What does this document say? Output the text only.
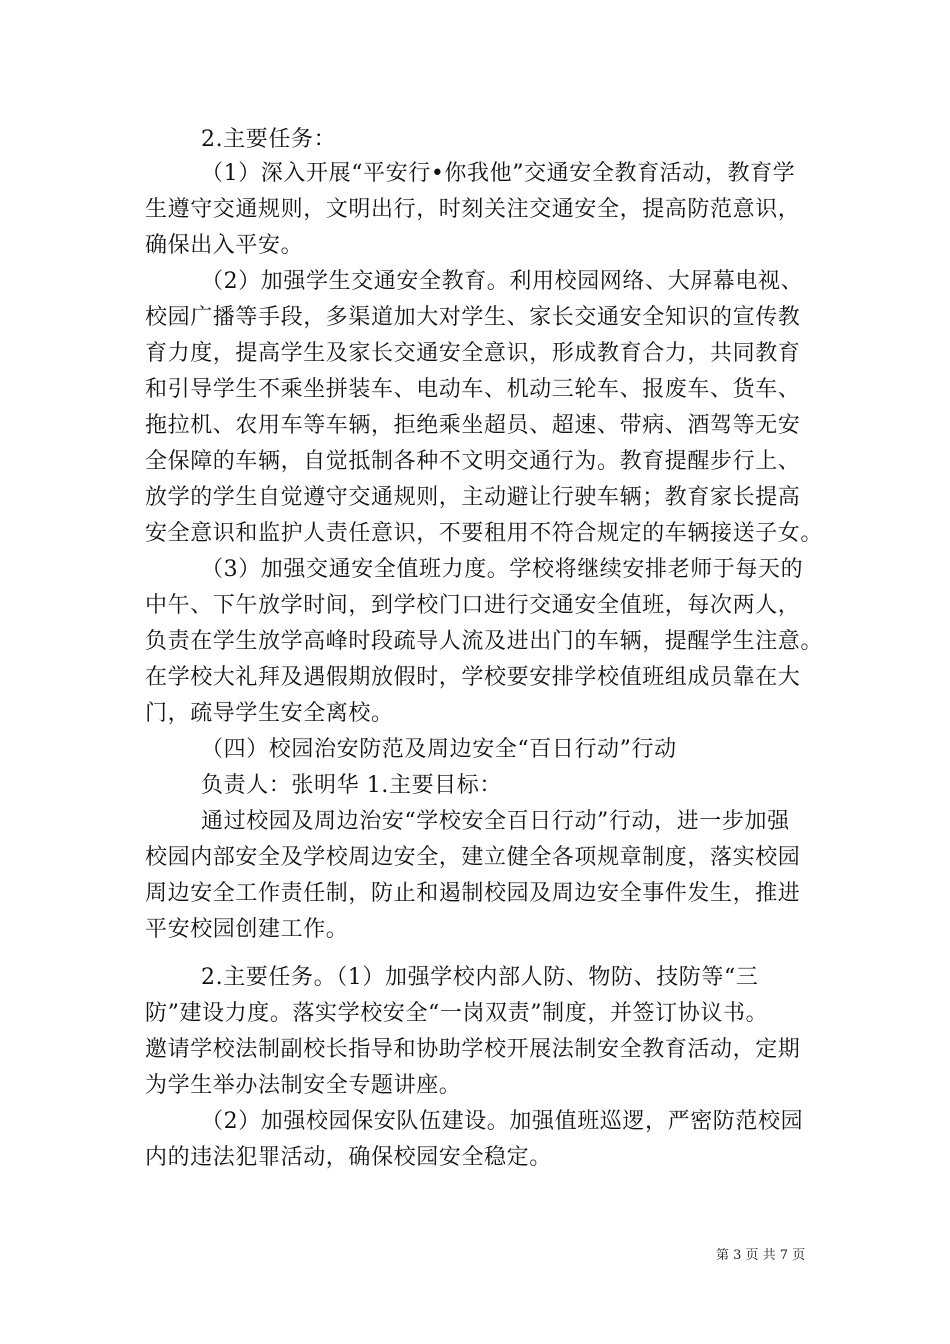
2.主要任务：
（1）深入开展“平安行•你我他”交通安全教育活动，教育学
生遵守交通规则，文明出行，时刻关注交通安全，提高防范意识，
确保出入平安。
（2）加强学生交通安全教育。利用校园网络、大屏幕电视、
校园广播等手段，多渠道加大对学生、家长交通安全知识的宣传教
育力度，提高学生及家长交通安全意识，形成教育合力，共同教育
和引导学生不乘坐拼装车、电动车、机动三轮车、报废车、货车、
拖拉机、农用车等车辆，拒绝乘坐超员、超速、带病、酒驾等无安
全保障的车辆，自觉抵制各种不文明交通行为。教育提醒步行上、
放学的学生自觉遵守交通规则，主动避让行驶车辆；教育家长提高
安全意识和监护人责任意识，不要租用不符合规定的车辆接送子女。
（3）加强交通安全值班力度。学校将继续安排老师于每天的
中午、下午放学时间，到学校门口进行交通安全值班，每次两人，
负责在学生放学高峰时段疏导人流及进出门的车辆，提醒学生注意。
在学校大礼拜及遇假期放假时，学校要安排学校值班组成员靠在大
门，疏导学生安全离校。
（四）校园治安防范及周边安全“百日行动”行动
负责人：张明华 1.主要目标：
通过校园及周边治安“学校安全百日行动”行动，进一步加强
校园内部安全及学校周边安全，建立健全各项规章制度，落实校园
周边安全工作责任制，防止和遏制校园及周边安全事件发生，推进
平安校园创建工作。
2.主要任务。（1）加强学校内部人防、物防、技防等“三
防”建设力度。落实学校安全“一岗双责”制度，并签订协议书。
邀请学校法制副校长指导和协助学校开展法制安全教育活动，定期
为学生举办法制安全专题讲座。
（2）加强校园保安队伍建设。加强值班巡逻，严密防范校园
内的违法犯罪活动，确保校园安全稳定。
第 3 页 共 7 页
